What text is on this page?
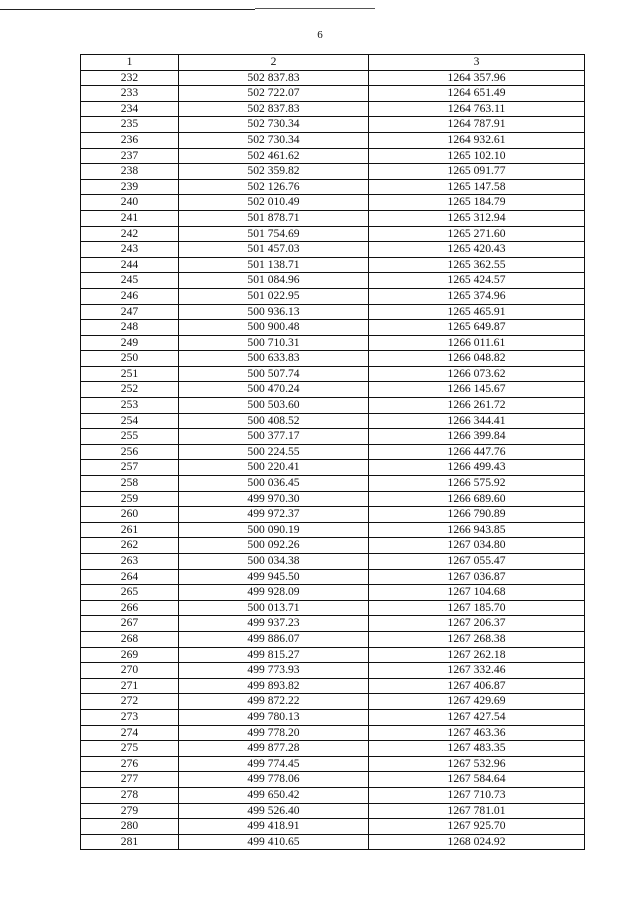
6
1	2	3
232	502 837.83	1264 357.96
233	502 722.07	1264 651.49
234	502 837.83	1264 763.11
235	502 730.34	1264 787.91
236	502 730.34	1264 932.61
237	502 461.62	1265 102.10
238	502 359.82	1265 091.77
239	502 126.76	1265 147.58
240	502 010.49	1265 184.79
241	501 878.71	1265 312.94
242	501 754.69	1265 271.60
243	501 457.03	1265 420.43
244	501 138.71	1265 362.55
245	501 084.96	1265 424.57
246	501 022.95	1265 374.96
247	500 936.13	1265 465.91
248	500 900.48	1265 649.87
249	500 710.31	1266 011.61
250	500 633.83	1266 048.82
251	500 507.74	1266 073.62
252	500 470.24	1266 145.67
253	500 503.60	1266 261.72
254	500 408.52	1266 344.41
255	500 377.17	1266 399.84
256	500 224.55	1266 447.76
257	500 220.41	1266 499.43
258	500 036.45	1266 575.92
259	499 970.30	1266 689.60
260	499 972.37	1266 790.89
261	500 090.19	1266 943.85
262	500 092.26	1267 034.80
263	500 034.38	1267 055.47
264	499 945.50	1267 036.87
265	499 928.09	1267 104.68
266	500 013.71	1267 185.70
267	499 937.23	1267 206.37
268	499 886.07	1267 268.38
269	499 815.27	1267 262.18
270	499 773.93	1267 332.46
271	499 893.82	1267 406.87
272	499 872.22	1267 429.69
273	499 780.13	1267 427.54
274	499 778.20	1267 463.36
275	499 877.28	1267 483.35
276	499 774.45	1267 532.96
277	499 778.06	1267 584.64
278	499 650.42	1267 710.73
279	499 526.40	1267 781.01
280	499 418.91	1267 925.70
281	499 410.65	1268 024.92
